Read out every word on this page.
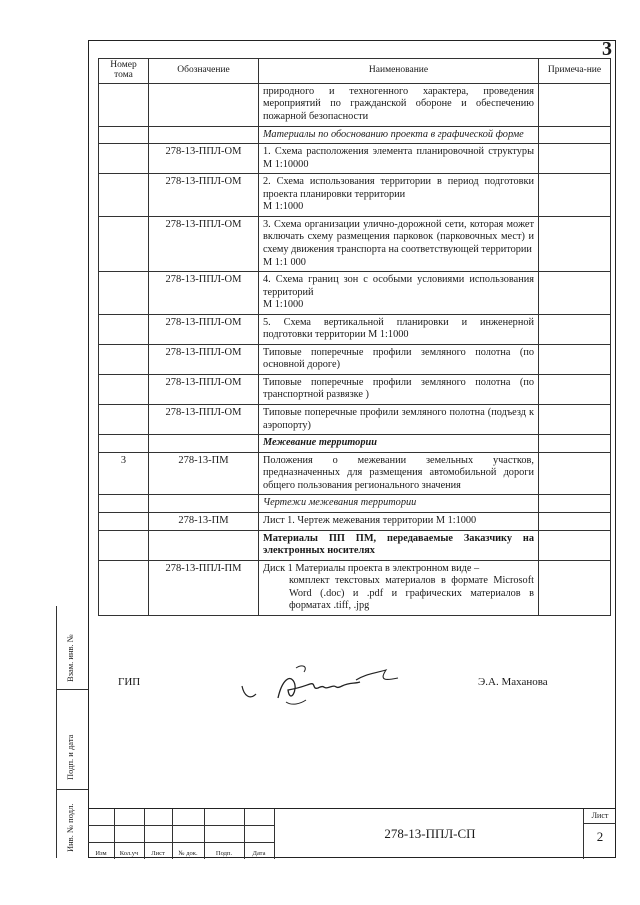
3
Номер тома	Обозначение	Наименование	Примеча-ние

		природного и техногенного характера, проведения мероприятий по гражданской обороне и обеспечению пожарной безопасности	

		Материалы по обоснованию проекта в графической форме	

	278-13-ППЛ-ОМ	1. Схема расположения элемента планировочной структуры М 1:10000	

	278-13-ППЛ-ОМ	2. Схема использования территории в период подготовки проекта планировки территории
М 1:1000	

	278-13-ППЛ-ОМ	3. Схема организации улично-дорожной сети, которая может включать схему размещения парковок (парковочных мест) и схему движения транспорта на соответствующей территории
М 1:1 000	

	278-13-ППЛ-ОМ	4. Схема границ зон с особыми условиями использования территорий
М 1:1000	

	278-13-ППЛ-ОМ	5. Схема вертикальной планировки и инженерной подготовки территории М 1:1000	

	278-13-ППЛ-ОМ	Типовые поперечные профили земляного полотна (по основной дороге)	

	278-13-ППЛ-ОМ	Типовые поперечные профили земляного полотна (по транспортной развязке )	

	278-13-ППЛ-ОМ	Типовые поперечные профили земляного полотна (подъезд к аэропорту)	

		Межевание территории	

3	278-13-ПМ	Положения о межевании земельных участков, предназначенных для размещения автомобильной дороги общего пользования регионального значения	

		Чертежи межевания территории	

	278-13-ПМ	Лист 1. Чертеж межевания территории М 1:1000	

		Материалы ПП ПМ, передаваемые Заказчику на электронных носителях	

	278-13-ППЛ-ПМ	Диск 1 Материалы проекта в электронном виде –
комплект текстовых материалов в формате Microsoft Word (.doc) и .pdf и графических материалов в форматах .tiff, .jpg	

ГИП	Э.А. Маханова
Взам. инв. №
Подп. и дата
Инв. № подл.
Изм	Кол.уч	Лист	№ док.	Подп.	Дата
278-13-ППЛ-СП
Лист
2
